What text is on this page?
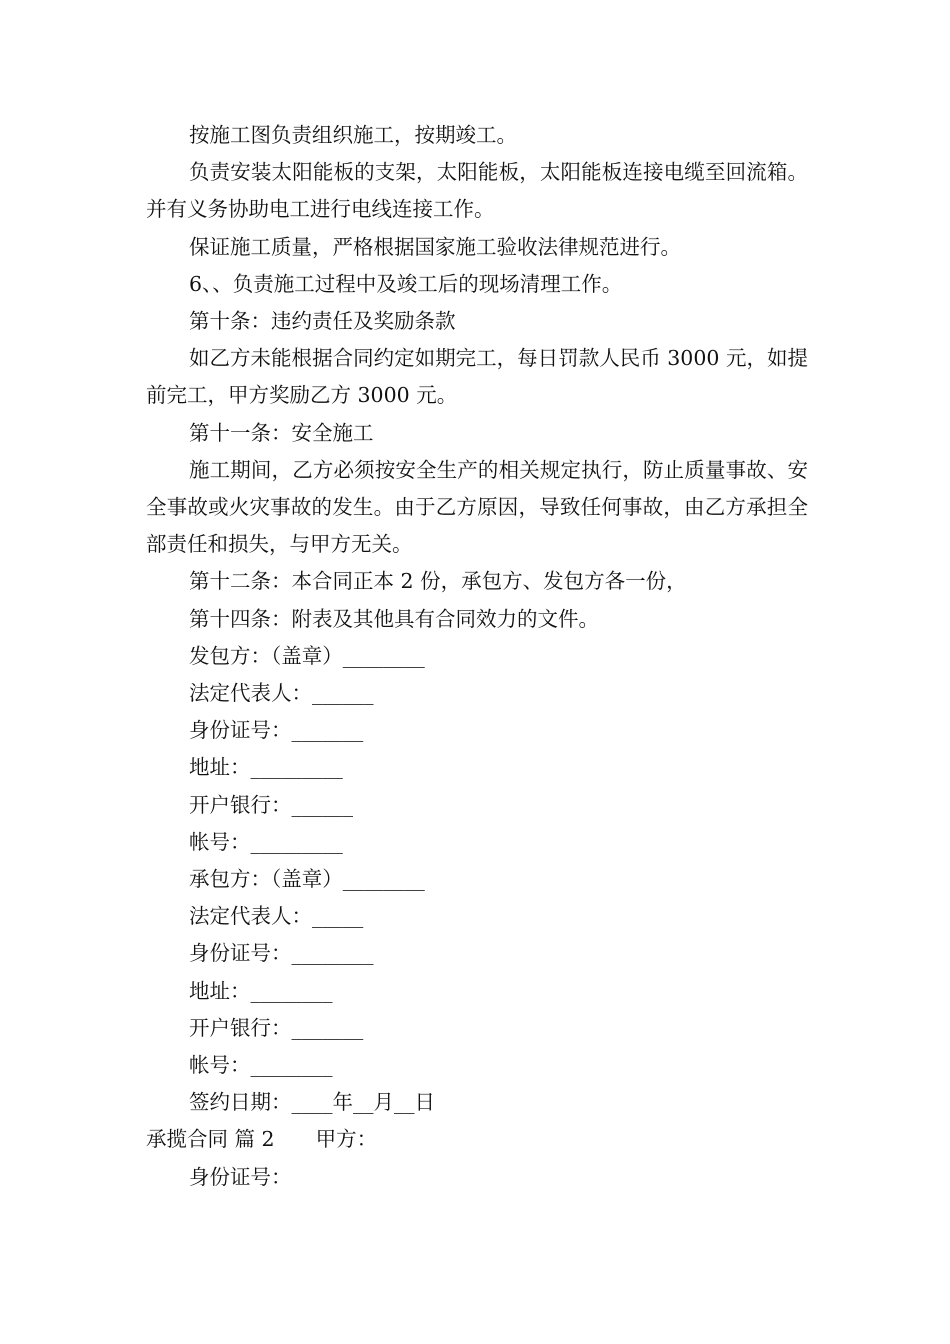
按施工图负责组织施工，按期竣工。

负责安装太阳能板的支架，太阳能板，太阳能板连接电缆至回流箱。并有义务协助电工进行电线连接工作。

保证施工质量，严格根据国家施工验收法律规范进行。

6、、负责施工过程中及竣工后的现场清理工作。

第十条：违约责任及奖励条款

如乙方未能根据合同约定如期完工，每日罚款人民币 3000 元，如提前完工，甲方奖励乙方 3000 元。

第十一条：安全施工

施工期间，乙方必须按安全生产的相关规定执行，防止质量事故、安全事故或火灾事故的发生。由于乙方原因，导致任何事故，由乙方承担全部责任和损失，与甲方无关。

第十二条：本合同正本 2 份，承包方、发包方各一份，

第十四条：附表及其他具有合同效力的文件。

发包方：（盖章）________

法定代表人：______

身份证号：_______

地址：_________

开户银行：______

帐号：_________

承包方：（盖章）________

法定代表人：_____

身份证号：________

地址：________

开户银行：_______

帐号：________

签约日期：____年__月__日

承揽合同 篇 2　　甲方：

身份证号：
